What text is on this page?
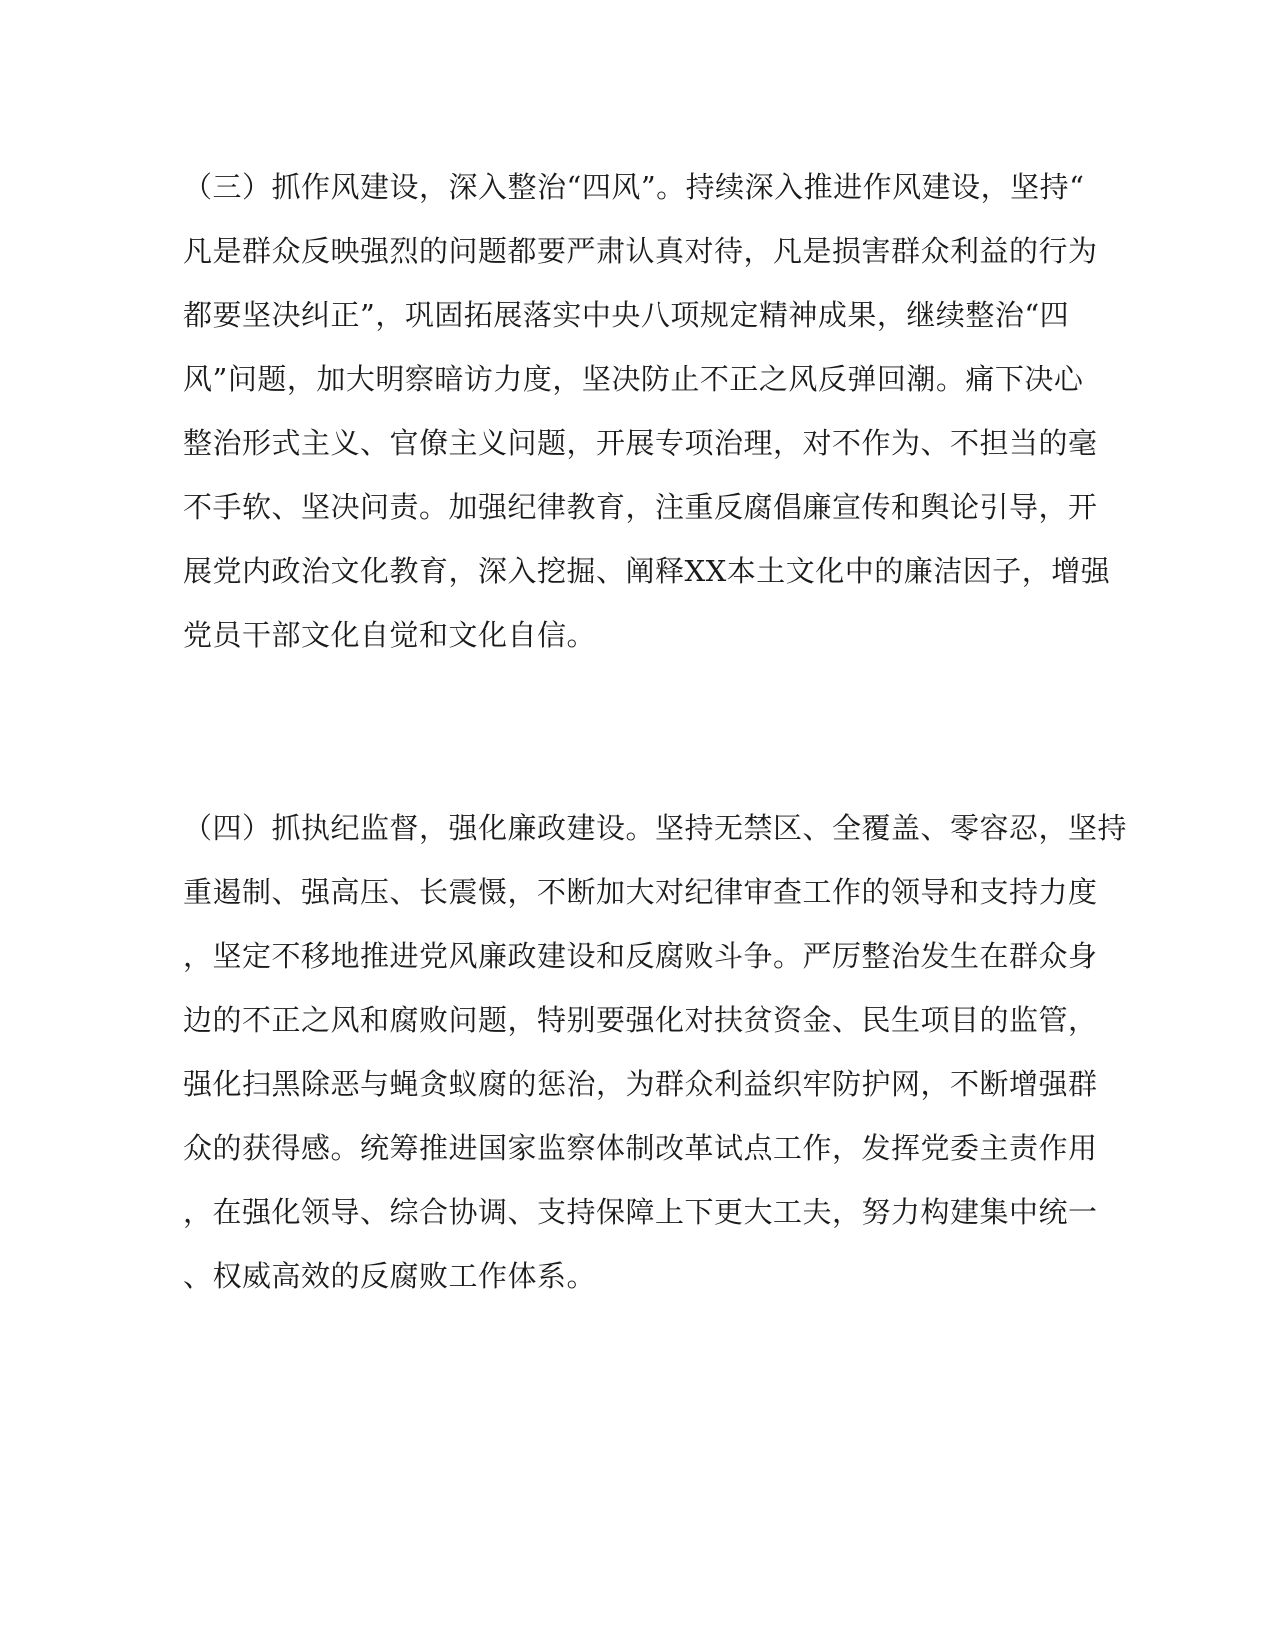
（三）抓作风建设，深入整治“四风”。持续深入推进作风建设，坚持“
凡是群众反映强烈的问题都要严肃认真对待，凡是损害群众利益的行为
都要坚决纠正”，巩固拓展落实中央八项规定精神成果，继续整治“四
风”问题，加大明察暗访力度，坚决防止不正之风反弹回潮。痛下决心
整治形式主义、官僚主义问题，开展专项治理，对不作为、不担当的毫
不手软、坚决问责。加强纪律教育，注重反腐倡廉宣传和舆论引导，开
展党内政治文化教育，深入挖掘、阐释XX本土文化中的廉洁因子，增强
党员干部文化自觉和文化自信。
（四）抓执纪监督，强化廉政建设。坚持无禁区、全覆盖、零容忍，坚持
重遏制、强高压、长震慑，不断加大对纪律审查工作的领导和支持力度
，坚定不移地推进党风廉政建设和反腐败斗争。严厉整治发生在群众身
边的不正之风和腐败问题，特别要强化对扶贫资金、民生项目的监管，
强化扫黑除恶与蝇贪蚁腐的惩治，为群众利益织牢防护网，不断增强群
众的获得感。统筹推进国家监察体制改革试点工作，发挥党委主责作用
，在强化领导、综合协调、支持保障上下更大工夫，努力构建集中统一
、权威高效的反腐败工作体系。
